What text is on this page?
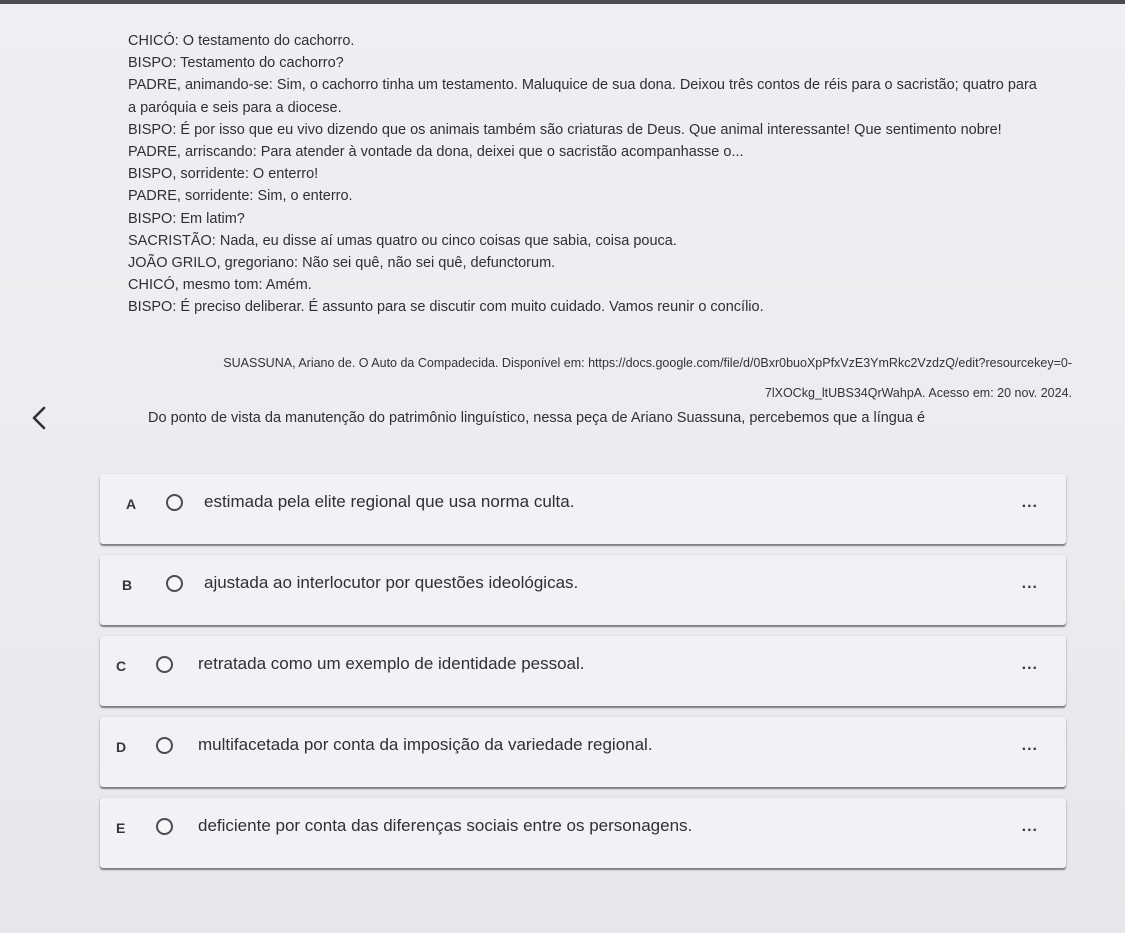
CHICÓ: O testamento do cachorro.

BISPO: Testamento do cachorro?

PADRE, animando-se: Sim, o cachorro tinha um testamento. Maluquice de sua dona. Deixou três contos de réis para o sacristão; quatro para

a paróquia e seis para a diocese.

BISPO: É por isso que eu vivo dizendo que os animais também são criaturas de Deus. Que animal interessante! Que sentimento nobre!

PADRE, arriscando: Para atender à vontade da dona, deixei que o sacristão acompanhasse o...

BISPO, sorridente: O enterro!

PADRE, sorridente: Sim, o enterro.

BISPO: Em latim?

SACRISTÃO: Nada, eu disse aí umas quatro ou cinco coisas que sabia, coisa pouca.

JOÃO GRILO, gregoriano: Não sei quê, não sei quê, defunctorum.

CHICÓ, mesmo tom: Amém.

BISPO: É preciso deliberar. É assunto para se discutir com muito cuidado. Vamos reunir o concílio.

SUASSUNA, Ariano de. O Auto da Compadecida. Disponível em: https://docs.google.com/file/d/0Bxr0buoXpPfxVzE3YmRkc2VzdzQ/edit?resourcekey=0-
7lXOCkg_ltUBS34QrWahpA. Acesso em: 20 nov. 2024.
Do ponto de vista da manutenção do patrimônio linguístico, nessa peça de Ariano Suassuna, percebemos que a língua é
A	estimada pela elite regional que usa norma culta.	...
B	ajustada ao interlocutor por questões ideológicas.	...
C	retratada como um exemplo de identidade pessoal.	...
D	multifacetada por conta da imposição da variedade regional.	...
E	deficiente por conta das diferenças sociais entre os personagens.	...
